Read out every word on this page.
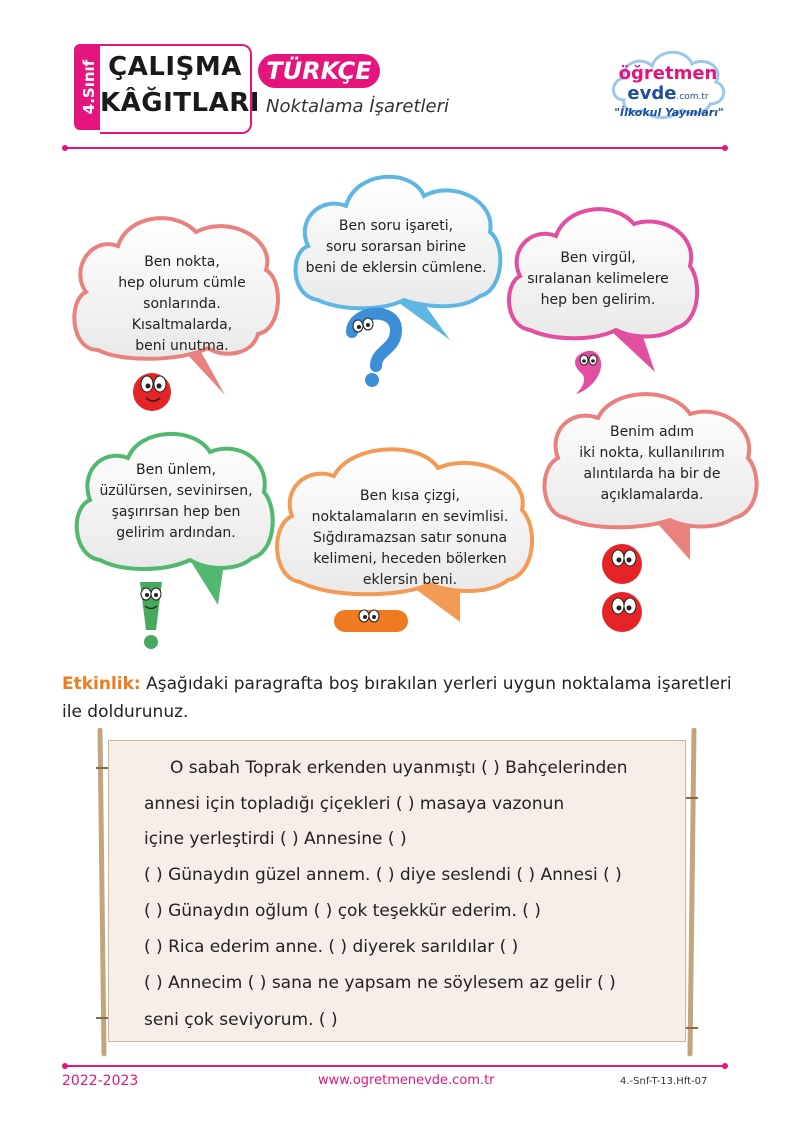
4.Sınıf ÇALIŞMA
KÂĞITLARI
TÜRKÇE
Noktalama İşaretleri
öğretmen
evde.com.tr
"İlkokul Yayınları"
Ben nokta,
hep olurum cümle
sonlarında. Kısaltmalarda,
beni unutma.
Ben soru işareti,
soru sorarsan birine
beni de eklersin cümlene.
Ben virgül,
sıralanan kelimelere
hep ben gelirim.
Ben ünlem,
üzülürsen, sevinirsen,
şaşırırsan hep ben
gelirim ardından.
Ben kısa çizgi,
noktalamaların en sevimlisi.
Sığdıramazsan satır sonuna
kelimeni, heceden bölerken
eklersin beni.
Benim adım
iki nokta, kullanılırım
alıntılarda ha bir de
açıklamalarda.
Etkinlik: Aşağıdaki paragrafta boş bırakılan yerleri uygun noktalama işaretleri ile doldurunuz.
O sabah Toprak erkenden uyanmıştı ( ) Bahçelerinden
annesi için topladığı çiçekleri ( ) masaya vazonun
içine yerleştirdi ( ) Annesine ( )
( ) Günaydın güzel annem. ( ) diye seslendi ( ) Annesi ( )
( ) Günaydın oğlum ( ) çok teşekkür ederim. ( )
( ) Rica ederim anne. ( ) diyerek sarıldılar ( )
( ) Annecim ( ) sana ne yapsam ne söylesem az gelir ( )
seni çok seviyorum. ( )
2022-2023	www.ogretmenevde.com.tr	4.-Snf-T-13.Hft-07
